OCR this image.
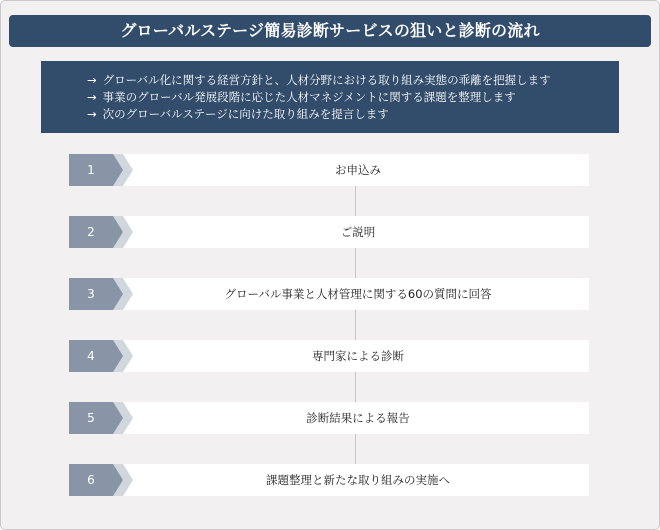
グローバルステージ簡易診断サービスの狙いと診断の流れ
→ グローバル化に関する経営方針と、人材分野における取り組み実態の乖離を把握します
→ 事業のグローバル発展段階に応じた人材マネジメントに関する課題を整理します
→ 次のグローバルステージに向けた取り組みを提言します
お申込み
1
ご説明
2
グローバル事業と人材管理に関する60の質問に回答
3
専門家による診断
4
診断結果による報告
5
課題整理と新たな取り組みの実施へ
6
